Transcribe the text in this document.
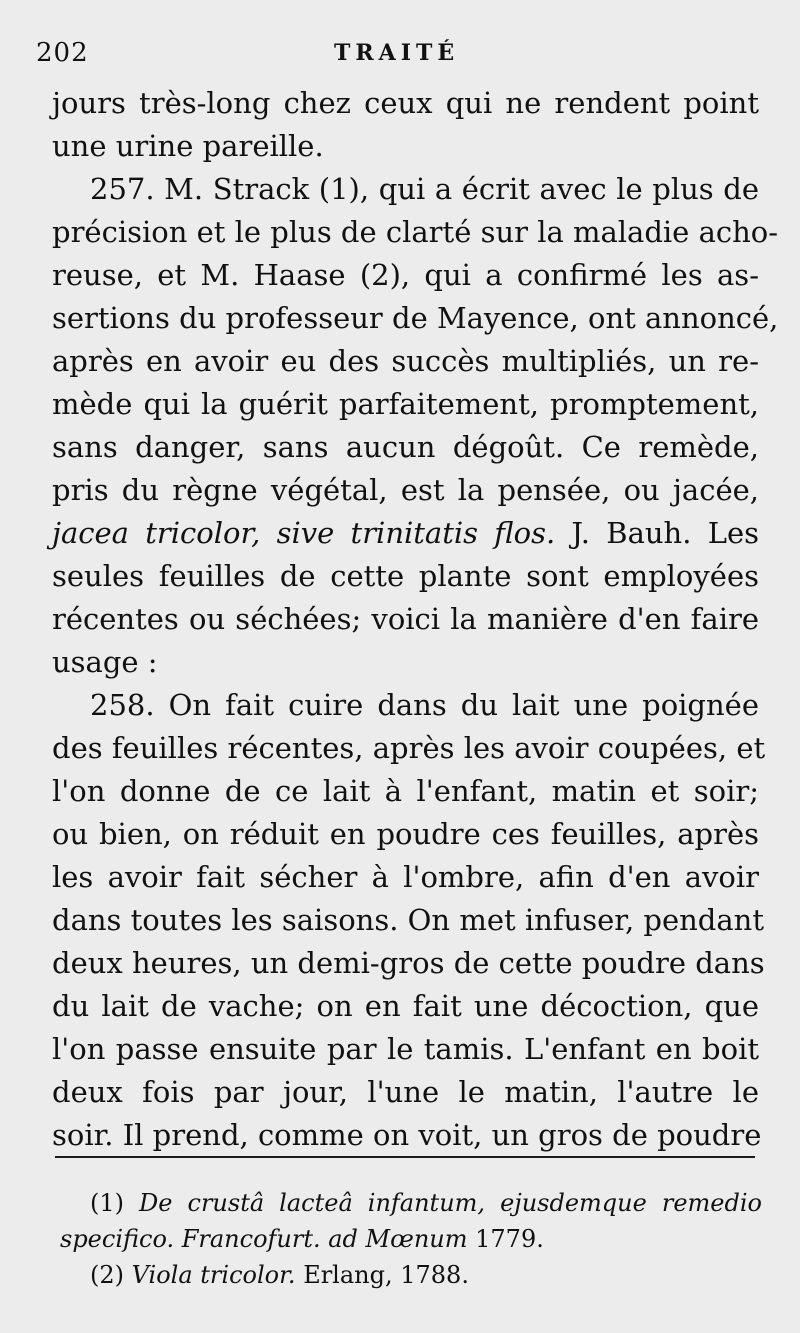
202	TRAITÉ
jours très-long chez ceux qui ne rendent point
une urine pareille.
257. M. Strack (1), qui a écrit avec le plus de
précision et le plus de clarté sur la maladie acho-
reuse, et M. Haase (2), qui a confirmé les as-
sertions du professeur de Mayence, ont annoncé,
après en avoir eu des succès multipliés, un re-
mède qui la guérit parfaitement, promptement,
sans danger, sans aucun dégoût. Ce remède,
pris du règne végétal, est la pensée, ou jacée,
jacea tricolor, sive trinitatis flos. J. Bauh. Les
seules feuilles de cette plante sont employées
récentes ou séchées; voici la manière d'en faire
usage :
258. On fait cuire dans du lait une poignée
des feuilles récentes, après les avoir coupées, et
l'on donne de ce lait à l'enfant, matin et soir;
ou bien, on réduit en poudre ces feuilles, après
les avoir fait sécher à l'ombre, afin d'en avoir
dans toutes les saisons. On met infuser, pendant
deux heures, un demi-gros de cette poudre dans
du lait de vache; on en fait une décoction, que
l'on passe ensuite par le tamis. L'enfant en boit
deux fois par jour, l'une le matin, l'autre le
soir. Il prend, comme on voit, un gros de poudre
(1) De crustâ lacteâ infantum, ejusdemque remedio
specifico. Francofurt. ad Mœnum 1779.
(2) Viola tricolor. Erlang, 1788.
